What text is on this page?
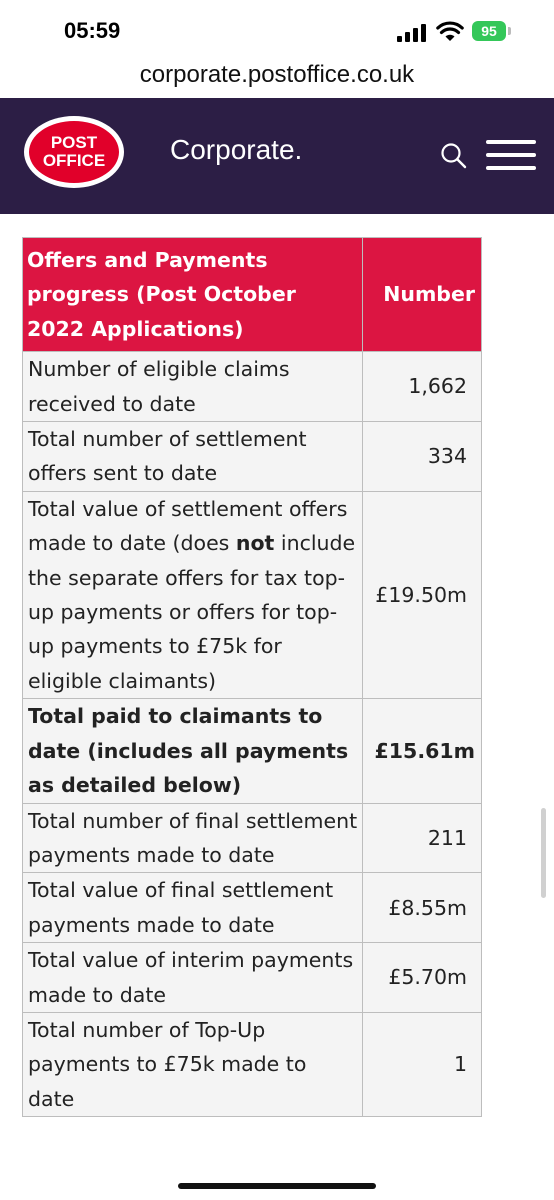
05:59	95
corporate.postoffice.co.uk
POST
OFFICE	Corporate.
Offers and Payments progress (Post October 2022 Applications)	Number
Number of eligible claims received to date	1,662
Total number of settlement offers sent to date	334
Total value of settlement offers made to date (does not include the separate offers for tax top-up payments or offers for top-up payments to £75k for eligible claimants)	£19.50m
Total paid to claimants to date (includes all payments as detailed below)	£15.61m
Total number of final settlement payments made to date	211
Total value of final settlement payments made to date	£8.55m
Total value of interim payments made to date	£5.70m
Total number of Top-Up payments to £75k made to date	1
